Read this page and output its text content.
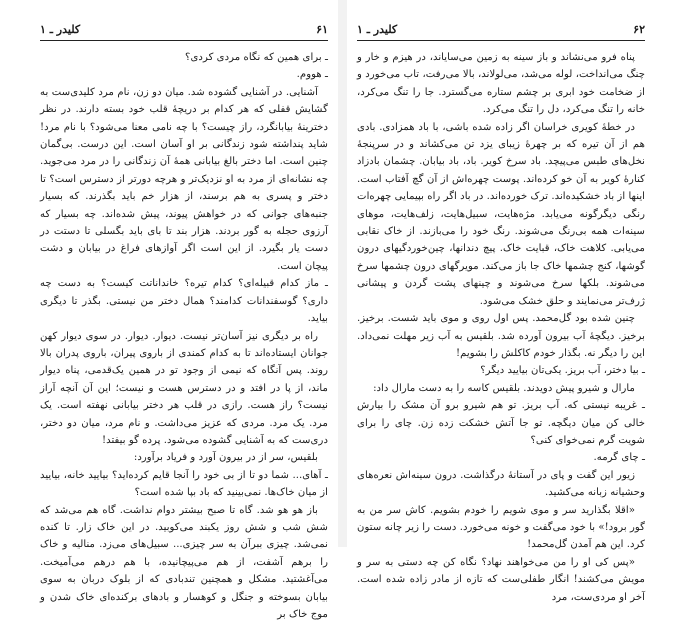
۶۱
کلیدر ـ ۱

ـ برای همین که نگاه مردی کردی؟

ـ هووم.

آشنایی. در آشنایی گشوده شد. میان دو زن، نام مرد کلیدی‌ست به گشایش قفلی که هر کدام بر دریچهٔ قلب خود بسته دارند. در نظر دخترینهٔ بیابانگرد، راز چیست؟ با چه نامی معنا می‌شود؟ با نام مرد! شاید پنداشته شود زندگانی بر او آسان است. این درست. بی‌گمان چنین است. اما دختر بالغ بیابانی همهٔ آن زندگانی را در مرد می‌جوید. چه نشانه‌ای از مرد به او نزدیک‌تر و هرچه دورتر از دسترس است؟ تا دختر و پسری به هم برسند، از هزار خم باید بگذرند. که بسیار جنبه‌های جوانی که در خواهش پیوند، پیش شده‌اند. چه بسیار که آرزوی حجله به گور بردند. هزار بند تا بای باید بگسلی تا دستت در دست یار بگیرد. از این است اگر آوازهای فراغ در بیابان و دشت پیچان است.

ـ ماز کدام قبیله‌ای؟ کدام تیره؟ خانداناتت کیست؟ به دست چه داری؟ گوسفندانات کدامند؟ همال دختر من نیستی. بگذر تا دیگری بیاید.

راه بر دیگری نیز آسان‌تر نیست. دیوار. دیوار. در سوی دیوار کهن جوانان ایستاده‌اند تا به کدام کمندی از باروی پیران، باروی پدران بالا روند. پس آنگاه که نیمی از وجود تو در همین یک‌قدمی، پناه دیوار ماند، از پا در افتد و در دسترس هست و نیست؛ این آن آنچه آراز نیست؟ راز هست. رازی در قلب هر دختر بیابانی نهفته است. یک مرد. یک مرد. مردی که عزیز می‌داشت. و نام مرد، میان دو دختر، دری‌ست که به آشنایی گشوده می‌شود. پرده گو بیفتد!

بلقیس، سر از در بیرون آورد و فریاد برآورد:

ـ آهای... شما دو تا از بی خود را آنجا قایم کرده‌اید؟ بیایید خانه، بیایید از میان خاک‌ها. نمی‌بینید که باد بپا شده است؟

باز هو هو شد. گاه تا صبح بیشتر دوام نداشت. گاه هم می‌شد که شش شب و شش روز یکبند می‌کوبید. در این خاک زار. تا کنده نمی‌شد. چیزی ببرآن به سر چیزی... سبیل‌های می‌زد. منالیه و خاک را برهم آشفت، از هم می‌پیچانیده، با هم درهم می‌آمیخت. می‌آغشتید. مشکل و همچنین تندبادی که از بلوک دربان به سوی بیابان بسوخته و جنگل و کوهسار و بادهای برکنده‌ای خاک شدن و موج خاک بر

۶۲
کلیدر ـ ۱

پناه فرو می‌نشاند و باز سینه به زمین می‌سایاند، در هیزم و خار و چنگ می‌انداخت، لوله می‌شد، می‌لولاند، بالا می‌رفت، تاب می‌خورد و از ضخامت خود ابری بر چشم ستاره می‌گسترد. جا را تنگ می‌کرد، خانه را تنگ می‌کرد، دل را تنگ می‌کرد.

در خطهٔ کویری خراسان اگر زاده شده باشی، با باد همزادی. بادی هم از آن تیره که بر چهرهٔ زیبای یزد تن می‌کشاند و در سرپنجهٔ نخل‌های طبس می‌پیچد. باد سرخ کویر. باد، باد بیابان. چشمان بادزاد کنارهٔ کویر به آن خو کرده‌اند. پوست چهره‌اش از آن گچ آفتاب است. اینها از باد خشکیده‌اند. ترک خورده‌اند. در باد اگر راه بپیمایی چهره‌ات رنگی دیگرگونه می‌یابد. مژه‌هایت، سبیل‌هایت، زلف‌هایت، موهای سینه‌ات همه بی‌رنگ می‌شوند. رنگ خود را می‌بازند. از خاک نقابی می‌یابی. کلاهت خاک، قبایت خاک. پیچ دندانها، چین‌خوردگیهای درون گوشها، کنج چشمها خاک جا باز می‌کند. مویرگهای درون چشمها سرخ می‌شوند. بلکها سرخ می‌شوند و چینهای پشت گردن و پیشانی ژرف‌تر می‌نمایند و حلق خشک می‌شود.

چنین شده بود گل‌محمد. پس اول روی و موی باید شست. برخیز. برخیز. دیگچهٔ آب بیرون آورده شد. بلقیس به آب زیر مهلت نمی‌داد. این را دیگر نه. بگذار خودم کاکلش را بشویم!

ـ بیا دختر، آب بریز. یکی‌تان بیایید دیگر؟

مارال و شیرو پیش دویدند. بلقیس کاسه را به دست مارال داد:

ـ غریبه نیستی که. آب بریز. تو هم شیرو برو آن مشک را بیارش خالی کن میان دیگچه. تو جا آتش خشکت زده زن. چای را برای شویت گرم نمی‌خوای کنی؟

ـ چای گرمه.

زیور این گفت و پای در آستانهٔ درگذاشت. درون سینه‌اش نعره‌های وحشیانه زبانه می‌کشید.

«اقلا بگذارید سر و موی شویم را خودم بشویم. کاش سر من به گور برود!» با خود می‌گفت و خونه می‌خورد. دست را زیر چانه ستون کرد. این هم آمدن گل‌محمد!

«پس کی او را من می‌خواهند نهاد؟ نگاه کن چه دستی به سر و مویش می‌کشند! انگار طفلی‌ست که تازه از مادر زاده شده است. آخر او مردی‌ست، مرد
